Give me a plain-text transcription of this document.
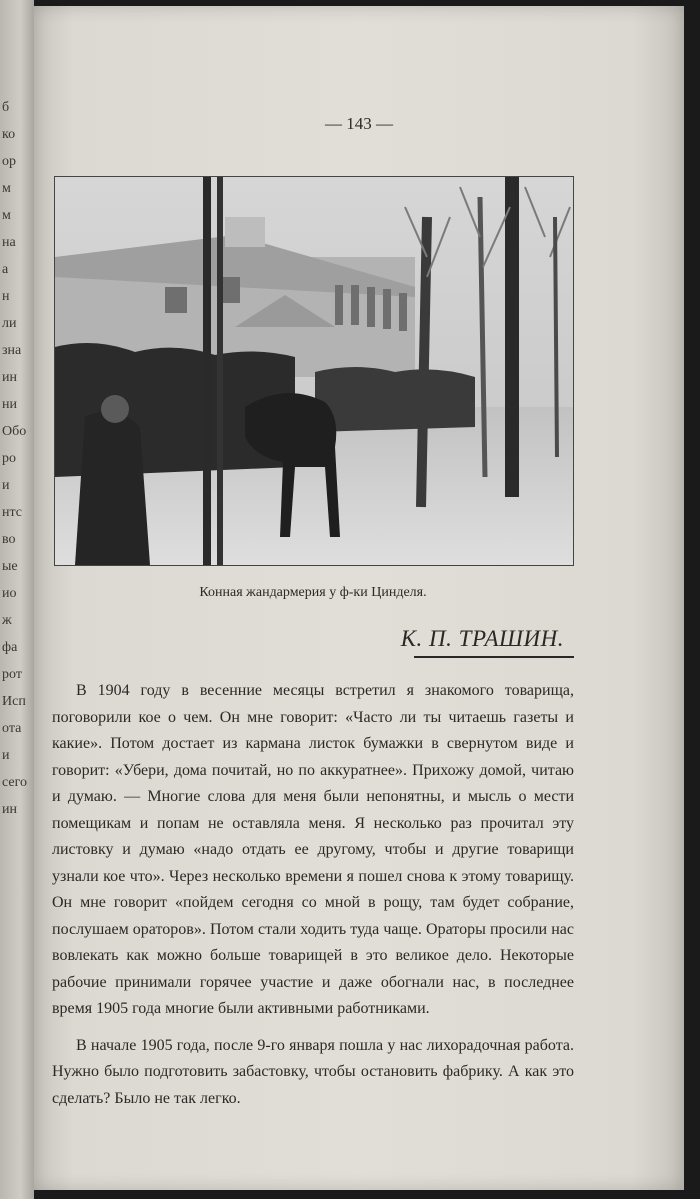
б
ко
ор
м
м
на
а
н
ли
зна
ин
ни
Обо
ро
и
нтс
во
ые
ио
ж
фа
рот
Исп
ота
и
сего
ин
— 143 —
Конная жандармерия у ф-ки Цинделя.
К. П. ТРАШИН.

В 1904 году в весенние месяцы встретил я знакомого товарища, поговорили кое о чем. Он мне говорит: «Часто ли ты читаешь газеты и какие». Потом достает из кармана листок бумажки в свернутом виде и говорит: «Убери, дома почитай, но по аккуратнее». Прихожу домой, читаю и думаю. — Многие слова для меня были непонятны, и мысль о мести помещикам и попам не оставляла меня. Я несколько раз прочитал эту листовку и думаю «надо отдать ее другому, чтобы и другие товарищи узнали кое что». Через несколько времени я пошел снова к этому товарищу. Он мне говорит «пойдем сегодня со мной в рощу, там будет собрание, послушаем ораторов». Потом стали ходить туда чаще. Ораторы просили нас вовлекать как можно больше товарищей в это великое дело. Некоторые рабочие принимали горячее участие и даже обогнали нас, в последнее время 1905 года многие были активными работниками.

В начале 1905 года, после 9-го января пошла у нас лихорадочная работа. Нужно было подготовить забастовку, чтобы остановить фабрику. А как это сделать? Было не так легко.
